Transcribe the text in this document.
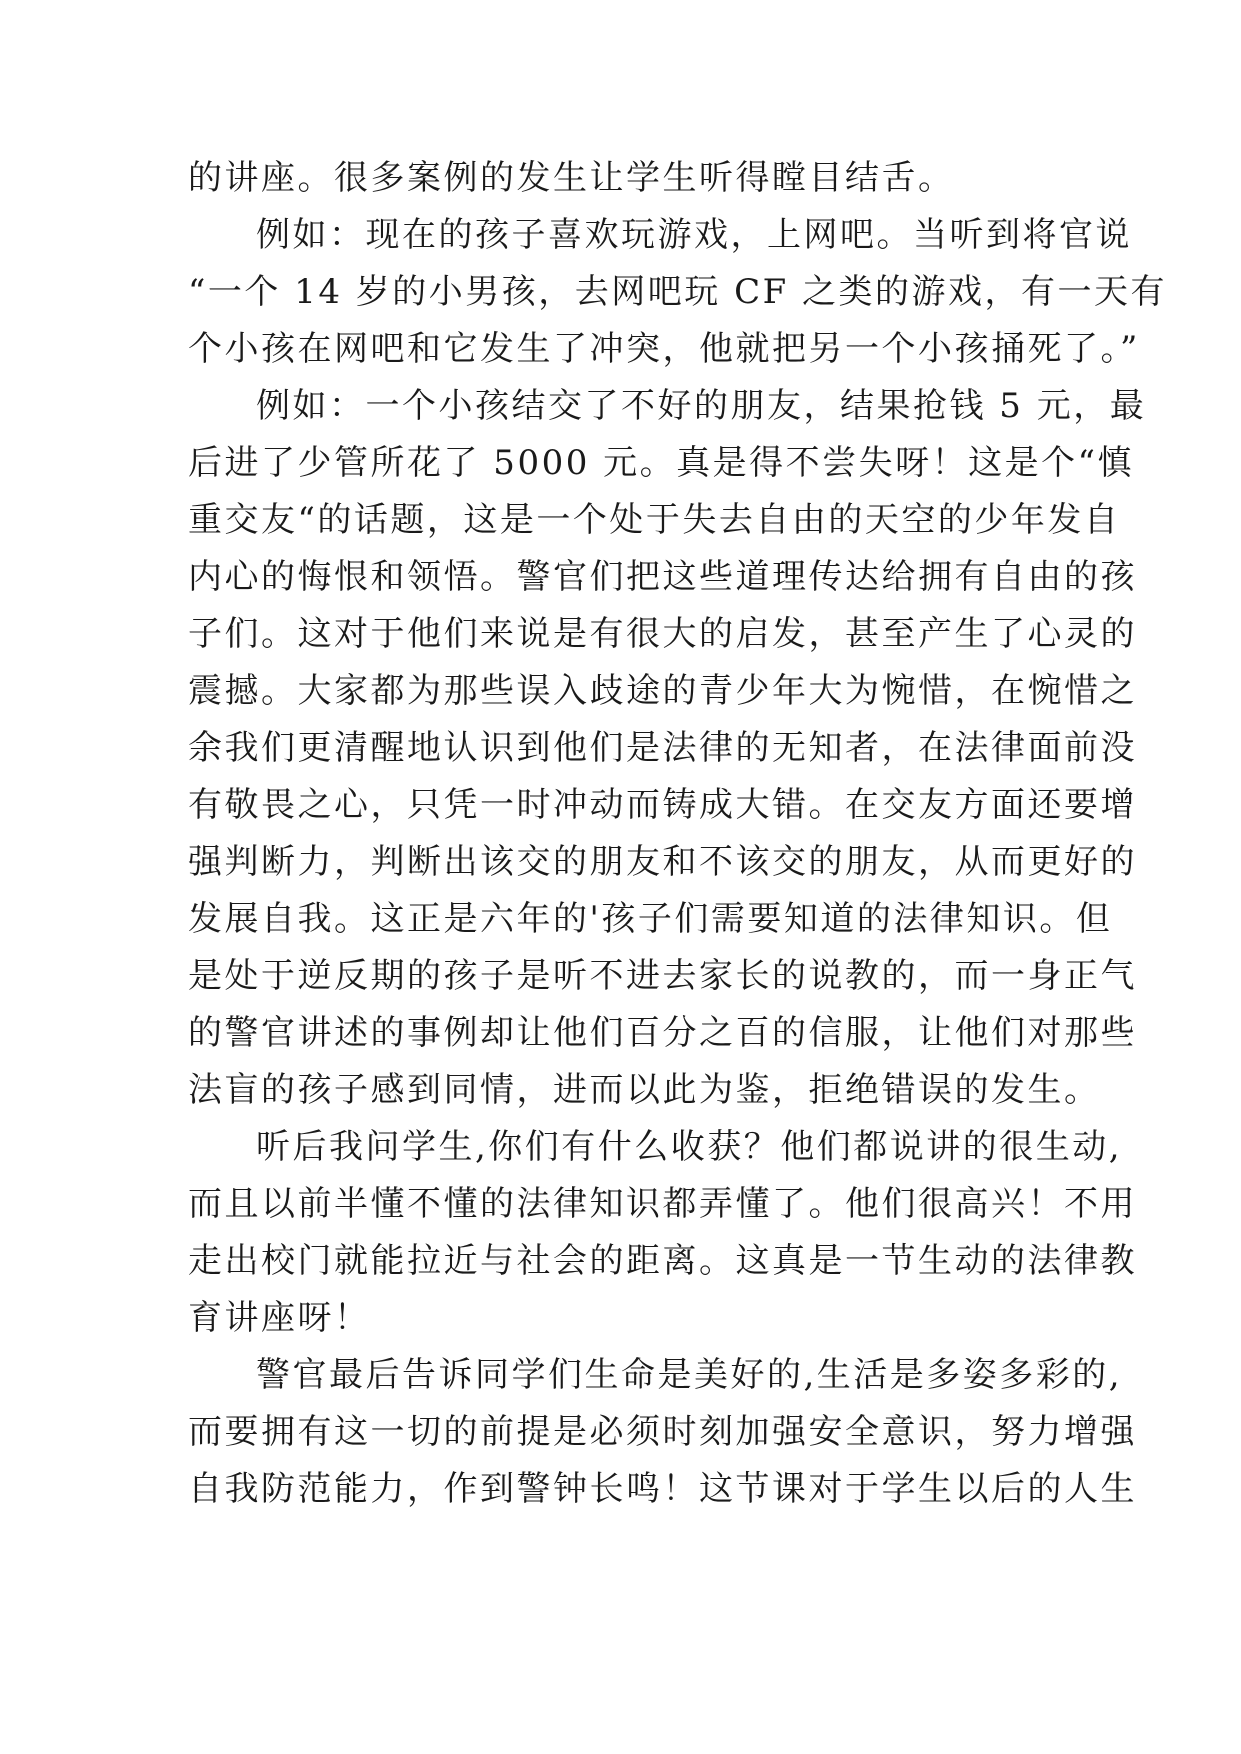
的讲座。很多案例的发生让学生听得瞠目结舌。
例如：现在的孩子喜欢玩游戏，上网吧。当听到将官说
“一个 14 岁的小男孩，去网吧玩 CF 之类的游戏，有一天有
个小孩在网吧和它发生了冲突，他就把另一个小孩捅死了。”
例如：一个小孩结交了不好的朋友，结果抢钱 5 元，最
后进了少管所花了 5000 元。真是得不尝失呀！这是个“慎
重交友“的话题，这是一个处于失去自由的天空的少年发自
内心的悔恨和领悟。警官们把这些道理传达给拥有自由的孩
子们。这对于他们来说是有很大的启发，甚至产生了心灵的
震撼。大家都为那些误入歧途的青少年大为惋惜，在惋惜之
余我们更清醒地认识到他们是法律的无知者，在法律面前没
有敬畏之心，只凭一时冲动而铸成大错。在交友方面还要增
强判断力，判断出该交的朋友和不该交的朋友，从而更好的
发展自我。这正是六年的'孩子们需要知道的法律知识。但
是处于逆反期的孩子是听不进去家长的说教的，而一身正气
的警官讲述的事例却让他们百分之百的信服，让他们对那些
法盲的孩子感到同情，进而以此为鉴，拒绝错误的发生。
听后我问学生,你们有什么收获？他们都说讲的很生动,
而且以前半懂不懂的法律知识都弄懂了。他们很高兴！不用
走出校门就能拉近与社会的距离。这真是一节生动的法律教
育讲座呀！
警官最后告诉同学们生命是美好的,生活是多姿多彩的,
而要拥有这一切的前提是必须时刻加强安全意识，努力增强
自我防范能力，作到警钟长鸣！这节课对于学生以后的人生
